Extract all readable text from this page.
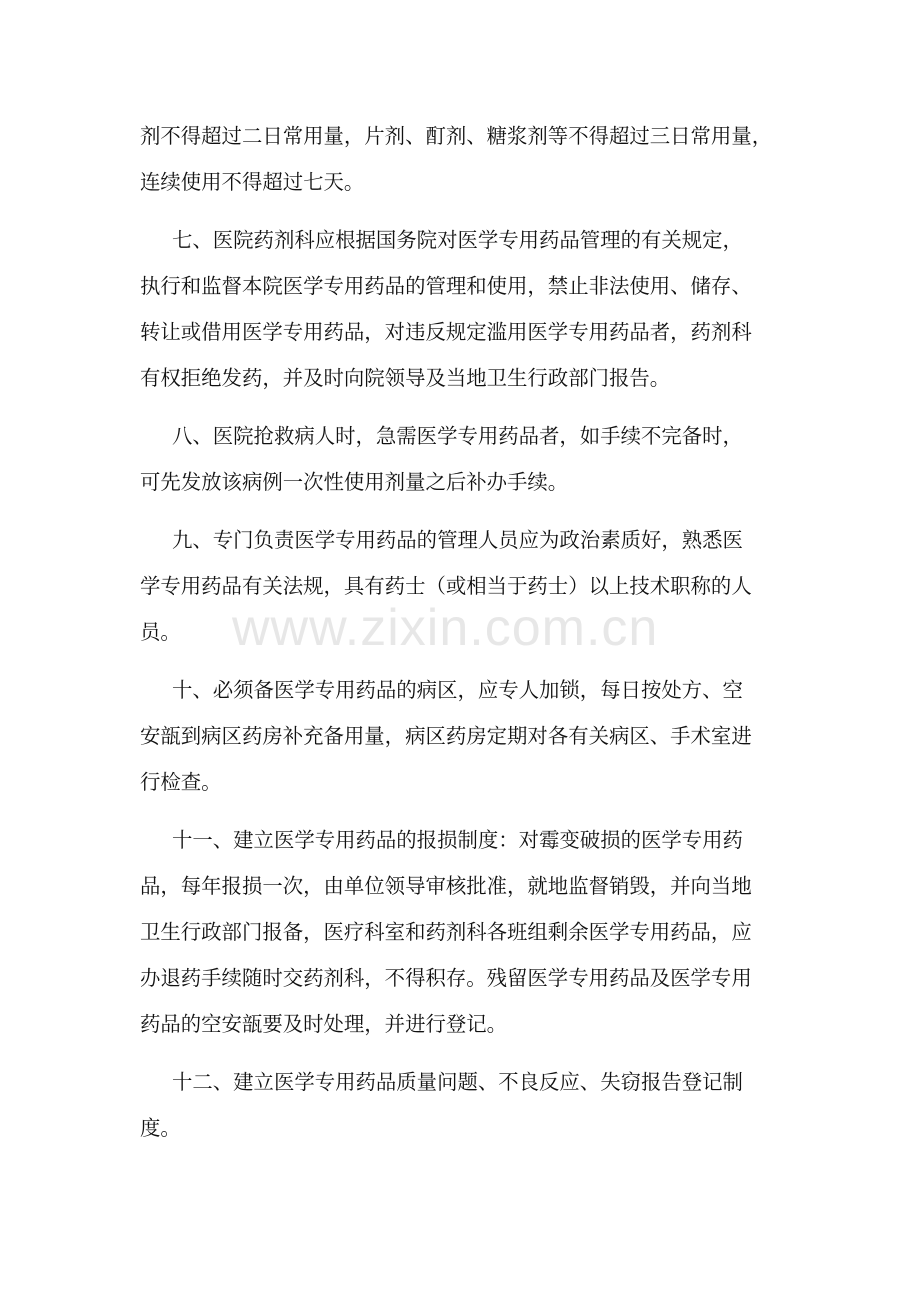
剂不得超过二日常用量，片剂、酊剂、糖浆剂等不得超过三日常用量，
连续使用不得超过七天。
七、医院药剂科应根据国务院对医学专用药品管理的有关规定，
执行和监督本院医学专用药品的管理和使用，禁止非法使用、储存、
转让或借用医学专用药品，对违反规定滥用医学专用药品者，药剂科
有权拒绝发药，并及时向院领导及当地卫生行政部门报告。
八、医院抢救病人时，急需医学专用药品者，如手续不完备时，
可先发放该病例一次性使用剂量之后补办手续。
九、专门负责医学专用药品的管理人员应为政治素质好，熟悉医
学专用药品有关法规，具有药士（或相当于药士）以上技术职称的人
员。
十、必须备医学专用药品的病区，应专人加锁，每日按处方、空
安瓿到病区药房补充备用量，病区药房定期对各有关病区、手术室进
行检查。
十一、建立医学专用药品的报损制度：对霉变破损的医学专用药
品，每年报损一次，由单位领导审核批准，就地监督销毁，并向当地
卫生行政部门报备，医疗科室和药剂科各班组剩余医学专用药品，应
办退药手续随时交药剂科，不得积存。残留医学专用药品及医学专用
药品的空安瓿要及时处理，并进行登记。
十二、建立医学专用药品质量问题、不良反应、失窃报告登记制
度。
www.zixin.com.cn
